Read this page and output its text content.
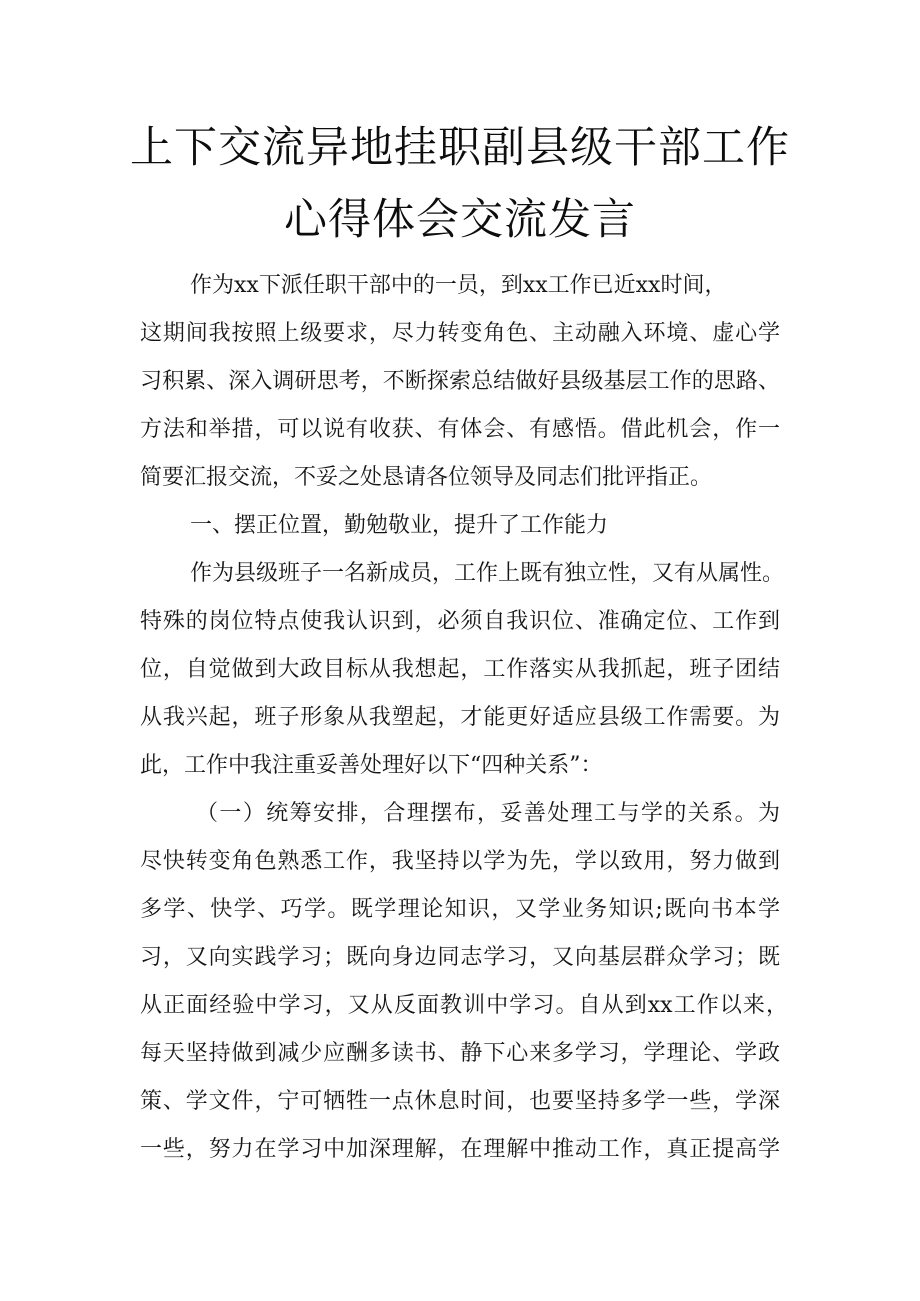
上下交流异地挂职副县级干部工作
心得体会交流发言
作为xx下派任职干部中的一员，到xx工作已近xx时间，
这期间我按照上级要求，尽力转变角色、主动融入环境、虚心学
习积累、深入调研思考，不断探索总结做好县级基层工作的思路、
方法和举措，可以说有收获、有体会、有感悟。借此机会，作一
简要汇报交流，不妥之处恳请各位领导及同志们批评指正。
一、摆正位置，勤勉敬业，提升了工作能力
作为县级班子一名新成员，工作上既有独立性，又有从属性。
特殊的岗位特点使我认识到，必须自我识位、准确定位、工作到
位，自觉做到大政目标从我想起，工作落实从我抓起，班子团结
从我兴起，班子形象从我塑起，才能更好适应县级工作需要。为
此，工作中我注重妥善处理好以下“四种关系”：
（一）统筹安排，合理摆布，妥善处理工与学的关系。为
尽快转变角色熟悉工作，我坚持以学为先，学以致用，努力做到
多学、快学、巧学。既学理论知识，又学业务知识;既向书本学
习，又向实践学习；既向身边同志学习，又向基层群众学习；既
从正面经验中学习，又从反面教训中学习。自从到xx工作以来，
每天坚持做到减少应酬多读书、静下心来多学习，学理论、学政
策、学文件，宁可牺牲一点休息时间，也要坚持多学一些，学深
一些，努力在学习中加深理解，在理解中推动工作，真正提高学
